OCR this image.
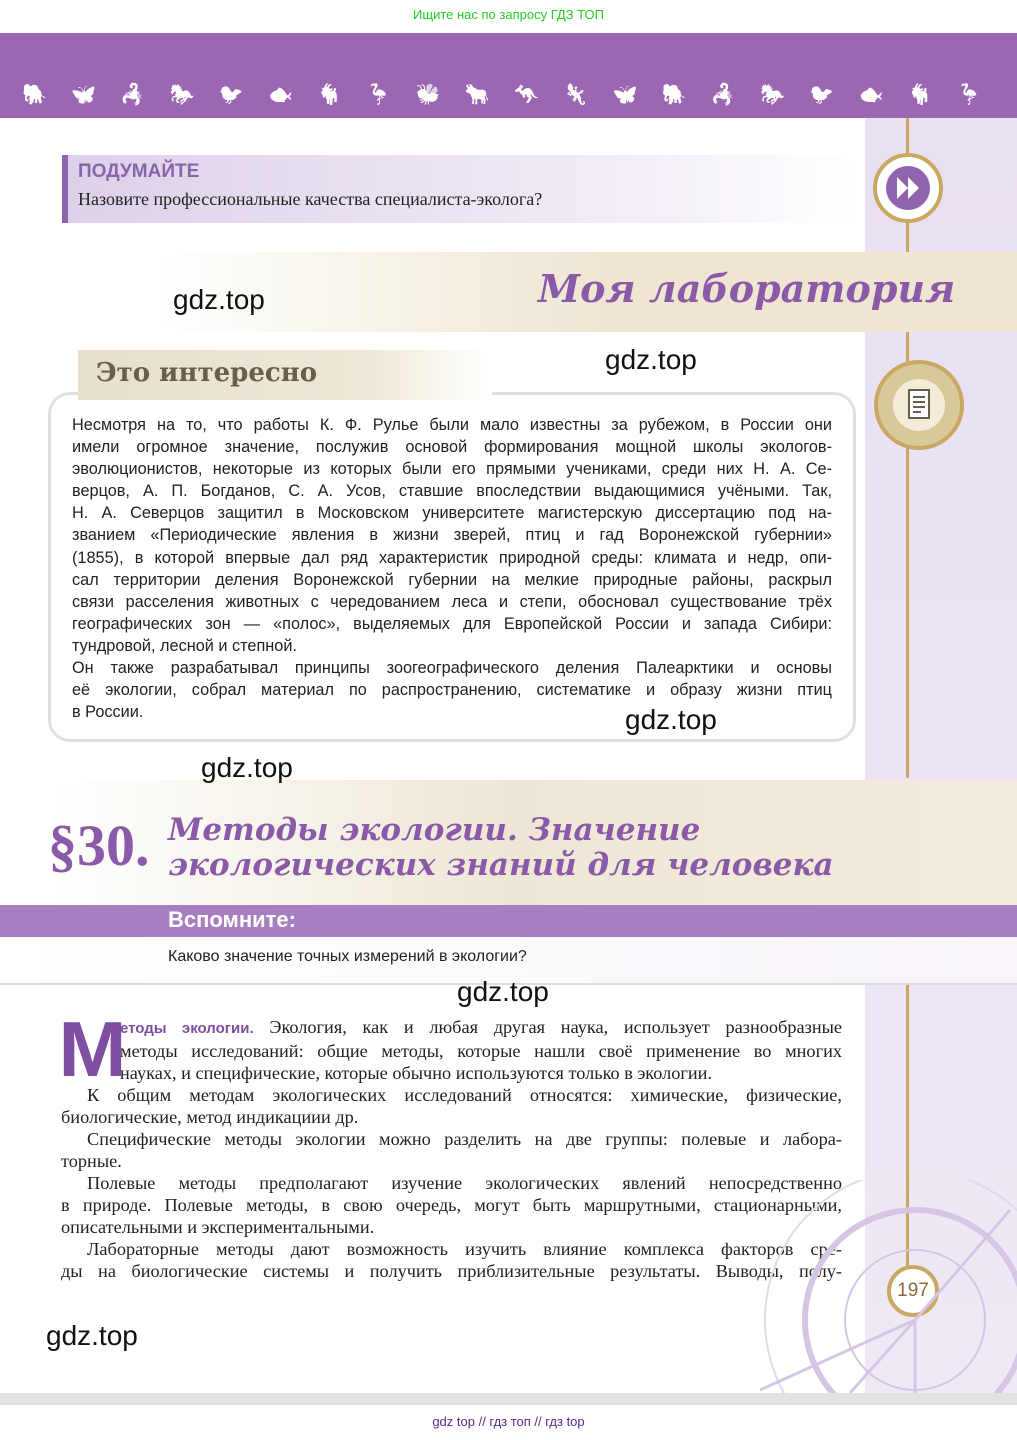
Ищите нас по запросу ГДЗ ТОП
🐘 🦋 🦂 🐎 🐦 🐟 🐐 🦩 🐝 🐂 🦘 🦎 🦋 🐘 🦂 🐎 🐦 🐟 🐐 🦩
ПОДУМАЙТЕ
Назовите профессиональные качества специалиста-эколога?
Моя лаборатория
Это интересно
Несмотря на то, что работы К. Ф. Рулье были мало известны за рубежом, в России они
имели огромное значение, послужив основой формирования мощной школы экологов-
эволюционистов, некоторые из которых были его прямыми учениками, среди них Н. А. Се-
верцов, А. П. Богданов, С. А. Усов, ставшие впоследствии выдающимися учёными. Так,
Н. А. Северцов защитил в Московском университете магистерскую диссертацию под на-
званием «Периодические явления в жизни зверей, птиц и гад Воронежской губернии»
(1855), в которой впервые дал ряд характеристик природной среды: климата и недр, опи-
сал территории деления Воронежской губернии на мелкие природные районы, раскрыл
связи расселения животных с чередованием леса и степи, обосновал существование трёх
географических зон — «полос», выделяемых для Европейской России и запада Сибири:
тундровой, лесной и степной.
Он также разрабатывал принципы зоогеографического деления Палеарктики и основы
её экологии, собрал материал по распространению, систематике и образу жизни птиц
в России.
§30. Методы экологии. Значение
экологических знаний для человека
Вспомните:
Каково значение точных измерений в экологии?
М
етоды экологии. Экология, как и любая другая наука, использует разнообразные
методы исследований: общие методы, которые нашли своё применение во многих
науках, и специфические, которые обычно используются только в экологии.
К общим методам экологических исследований относятся: химические, физические,
биологические, метод индикациии др.
Специфические методы экологии можно разделить на две группы: полевые и лабора-
торные.
Полевые методы предполагают изучение экологических явлений непосредственно
в природе. Полевые методы, в свою очередь, могут быть маршрутными, стационарными,
описательными и экспериментальными.
Лабораторные методы дают возможность изучить влияние комплекса факторов сре-
ды на биологические системы и получить приблизительные результаты. Выводы, полу-
197
gdz.top
gdz.top
gdz.top
gdz.top
gdz.top
gdz.top
gdz top // гдз топ // гдз top
